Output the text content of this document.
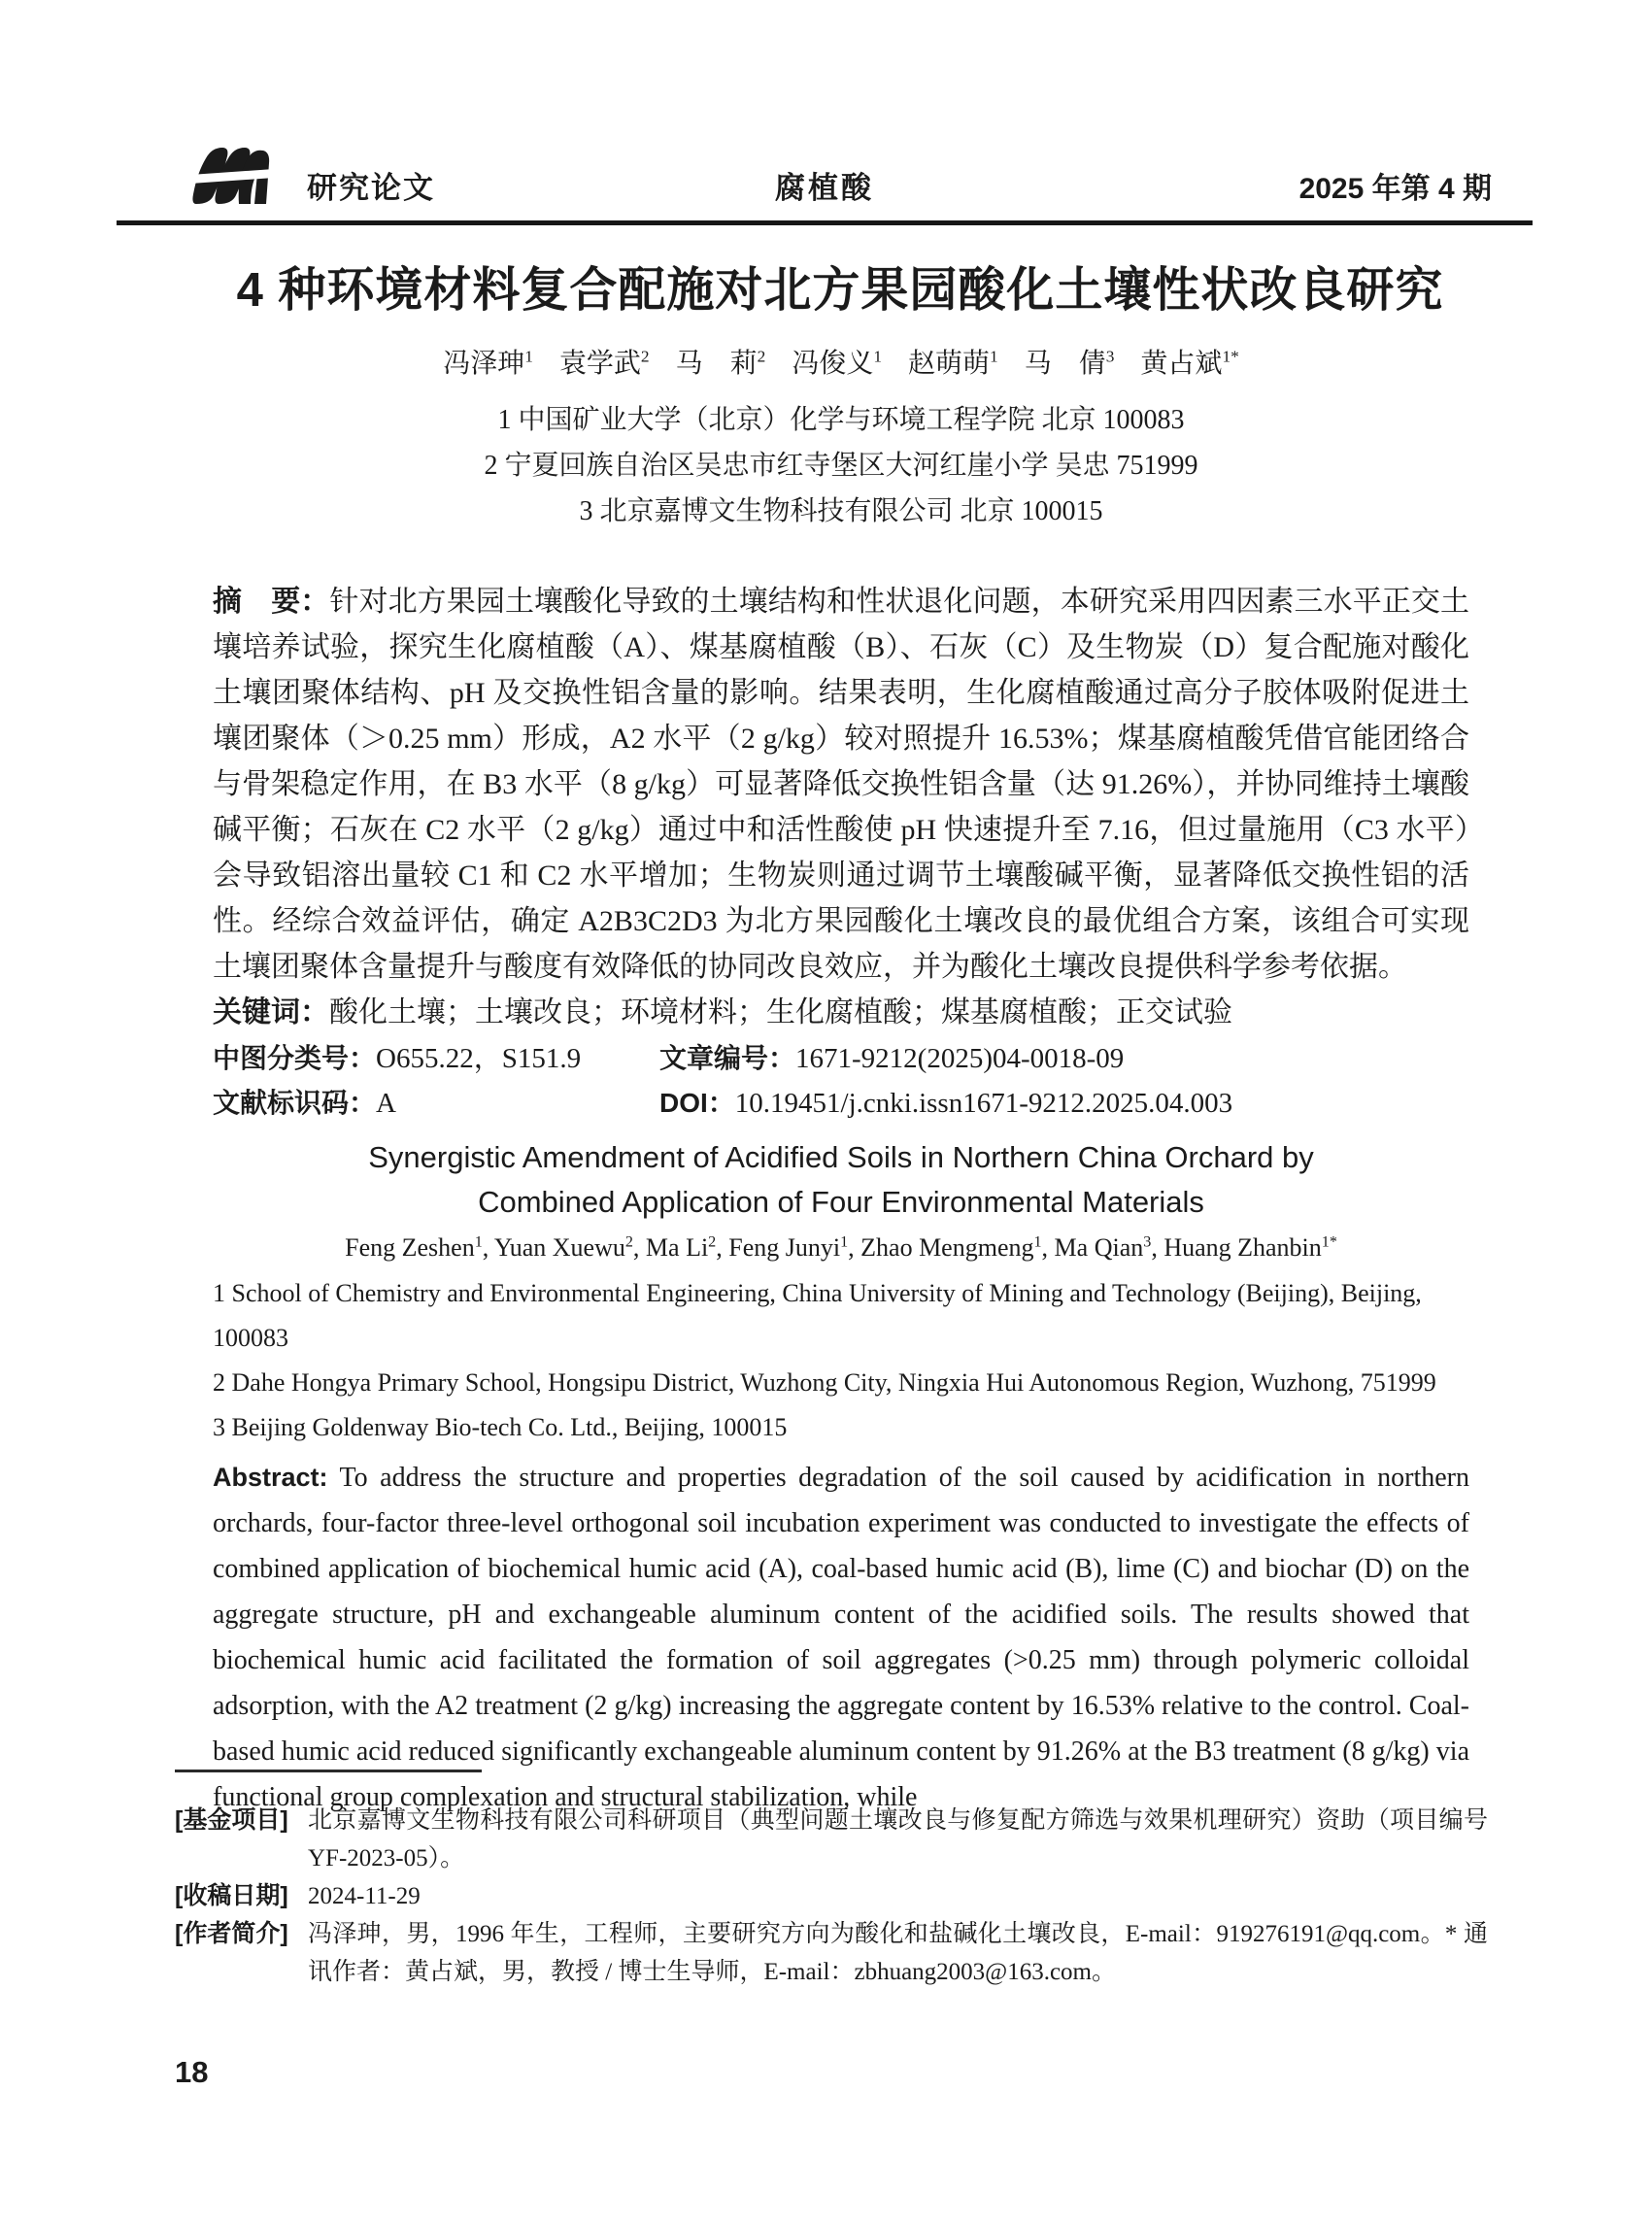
研究论文	腐植酸	2025 年第 4 期
4 种环境材料复合配施对北方果园酸化土壤性状改良研究
冯泽珅$^1$ 袁学武$^2$ 马　莉$^2$ 冯俊义$^1$ 赵萌萌$^1$ 马　倩$^3$ 黄占斌$^{1*}$
1 中国矿业大学（北京）化学与环境工程学院 北京 100083
2 宁夏回族自治区吴忠市红寺堡区大河红崖小学 吴忠 751999
3 北京嘉博文生物科技有限公司 北京 100015

摘　要：针对北方果园土壤酸化导致的土壤结构和性状退化问题，本研究采用四因素三水平正交土壤培养试验，探究生化腐植酸（A）、煤基腐植酸（B）、石灰（C）及生物炭（D）复合配施对酸化土壤团聚体结构、pH 及交换性铝含量的影响。结果表明，生化腐植酸通过高分子胶体吸附促进土壤团聚体（＞0.25 mm）形成，A2 水平（2 g/kg）较对照提升 16.53%；煤基腐植酸凭借官能团络合与骨架稳定作用，在 B3 水平（8 g/kg）可显著降低交换性铝含量（达 91.26%），并协同维持土壤酸碱平衡；石灰在 C2 水平（2 g/kg）通过中和活性酸使 pH 快速提升至 7.16，但过量施用（C3 水平）会导致铝溶出量较 C1 和 C2 水平增加；生物炭则通过调节土壤酸碱平衡，显著降低交换性铝的活性。经综合效益评估，确定 A2B3C2D3 为北方果园酸化土壤改良的最优组合方案，该组合可实现土壤团聚体含量提升与酸度有效降低的协同改良效应，并为酸化土壤改良提供科学参考依据。

关键词：酸化土壤；土壤改良；环境材料；生化腐植酸；煤基腐植酸；正交试验

中图分类号：O655.22，S151.9	文章编号：1671-9212(2025)04-0018-09
文献标识码：A	DOI：10.19451/j.cnki.issn1671-9212.2025.04.003
Synergistic Amendment of Acidified Soils in Northern China Orchard by
Combined Application of Four Environmental Materials
Feng Zeshen$^1$, Yuan Xuewu$^2$, Ma Li$^2$, Feng Junyi$^1$, Zhao Mengmeng$^1$, Ma Qian$^3$, Huang Zhanbin$^{1*}$
1 School of Chemistry and Environmental Engineering, China University of Mining and Technology (Beijing), Beijing, 100083
2 Dahe Hongya Primary School, Hongsipu District, Wuzhong City, Ningxia Hui Autonomous Region, Wuzhong, 751999
3 Beijing Goldenway Bio-tech Co. Ltd., Beijing, 100015

Abstract: To address the structure and properties degradation of the soil caused by acidification in northern orchards, four-factor three-level orthogonal soil incubation experiment was conducted to investigate the effects of combined application of biochemical humic acid (A), coal-based humic acid (B), lime (C) and biochar (D) on the aggregate structure, pH and exchangeable aluminum content of the acidified soils. The results showed that biochemical humic acid facilitated the formation of soil aggregates (>0.25 mm) through polymeric colloidal adsorption, with the A2 treatment (2 g/kg) increasing the aggregate content by 16.53% relative to the control. Coal-based humic acid reduced significantly exchangeable aluminum content by 91.26% at the B3 treatment (8 g/kg) via functional group complexation and structural stabilization, while

[基金项目] 北京嘉博文生物科技有限公司科研项目（典型问题土壤改良与修复配方筛选与效果机理研究）资助（项目编号 YF-2023-05）。
[收稿日期] 2024-11-29
[作者简介] 冯泽珅，男，1996 年生，工程师，主要研究方向为酸化和盐碱化土壤改良，E-mail：919276191@qq.com。* 通讯作者：黄占斌，男，教授 / 博士生导师，E-mail：zbhuang2003@163.com。
18
